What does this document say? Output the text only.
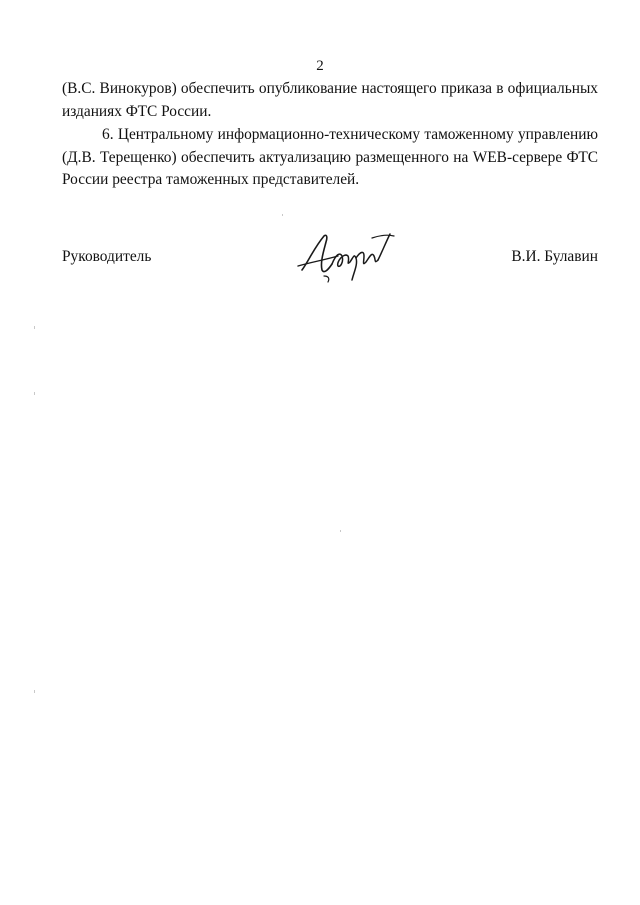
2

(В.С. Винокуров) обеспечить опубликование настоящего приказа в официальных изданиях ФТС России.

6. Центральному информационно-техническому таможенному управлению (Д.В. Терещенко) обеспечить актуализацию размещенного на WEB-сервере ФТС России реестра таможенных представителей.

Руководитель	В.И. Булавин
